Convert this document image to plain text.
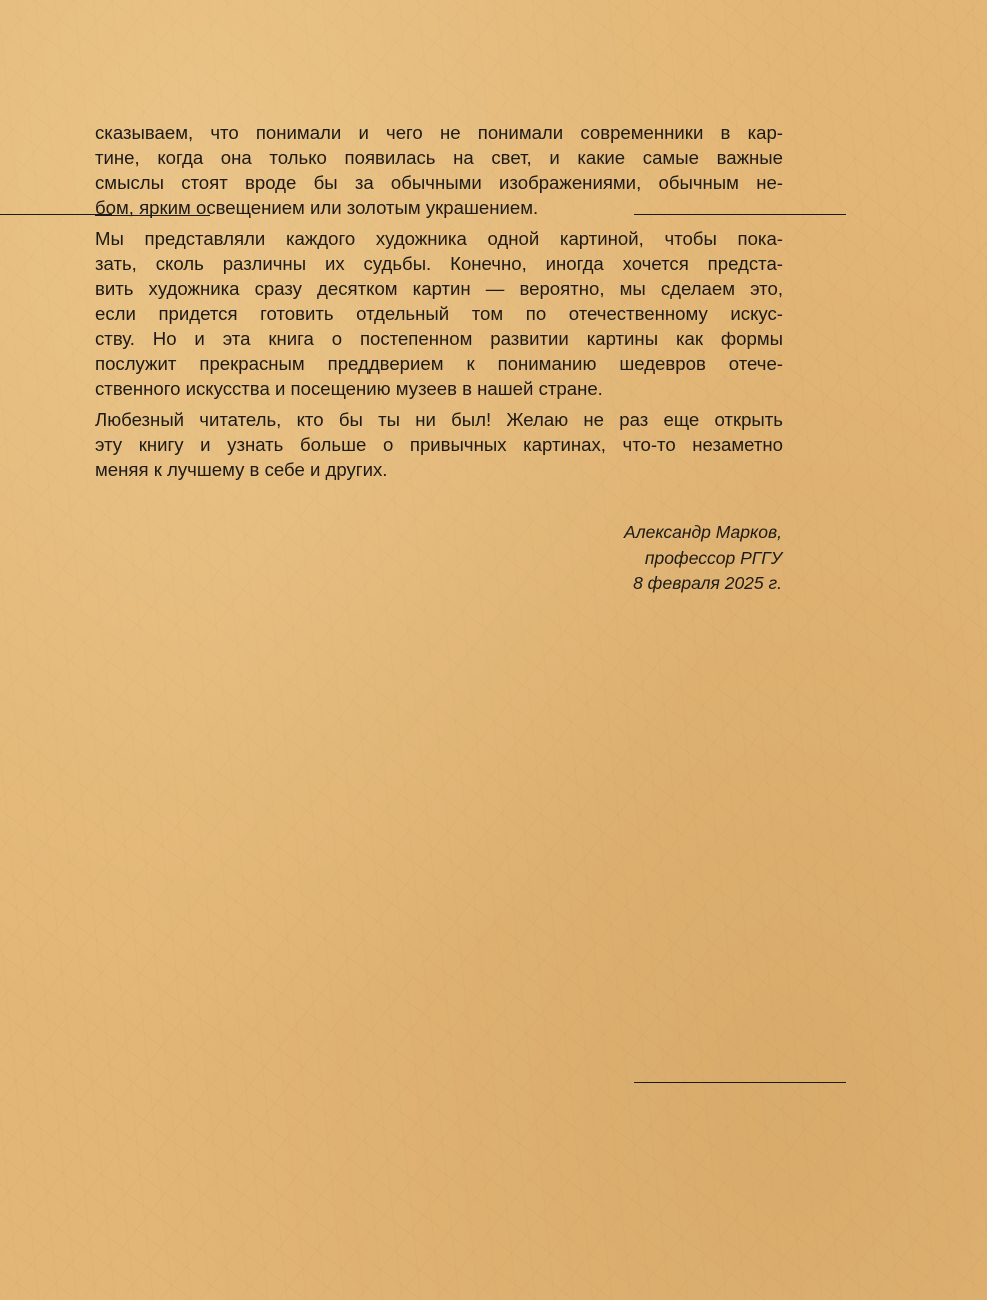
сказываем, что понимали и чего не понимали современники в кар-
тине, когда она только появилась на свет, и какие самые важные
смыслы стоят вроде бы за обычными изображениями, обычным не-
бом, ярким освещением или золотым украшением.
Мы представляли каждого художника одной картиной, чтобы пока-
зать, сколь различны их судьбы. Конечно, иногда хочется предста-
вить художника сразу десятком картин — вероятно, мы сделаем это,
если придется готовить отдельный том по отечественному искус-
ству. Но и эта книга о постепенном развитии картины как формы
послужит прекрасным преддверием к пониманию шедевров отече-
ственного искусства и посещению музеев в нашей стране.
Любезный читатель, кто бы ты ни был! Желаю не раз еще открыть
эту книгу и узнать больше о привычных картинах, что-то незаметно
меняя к лучшему в себе и других.
Александр Марков,
профессор РГГУ
8 февраля 2025 г.
